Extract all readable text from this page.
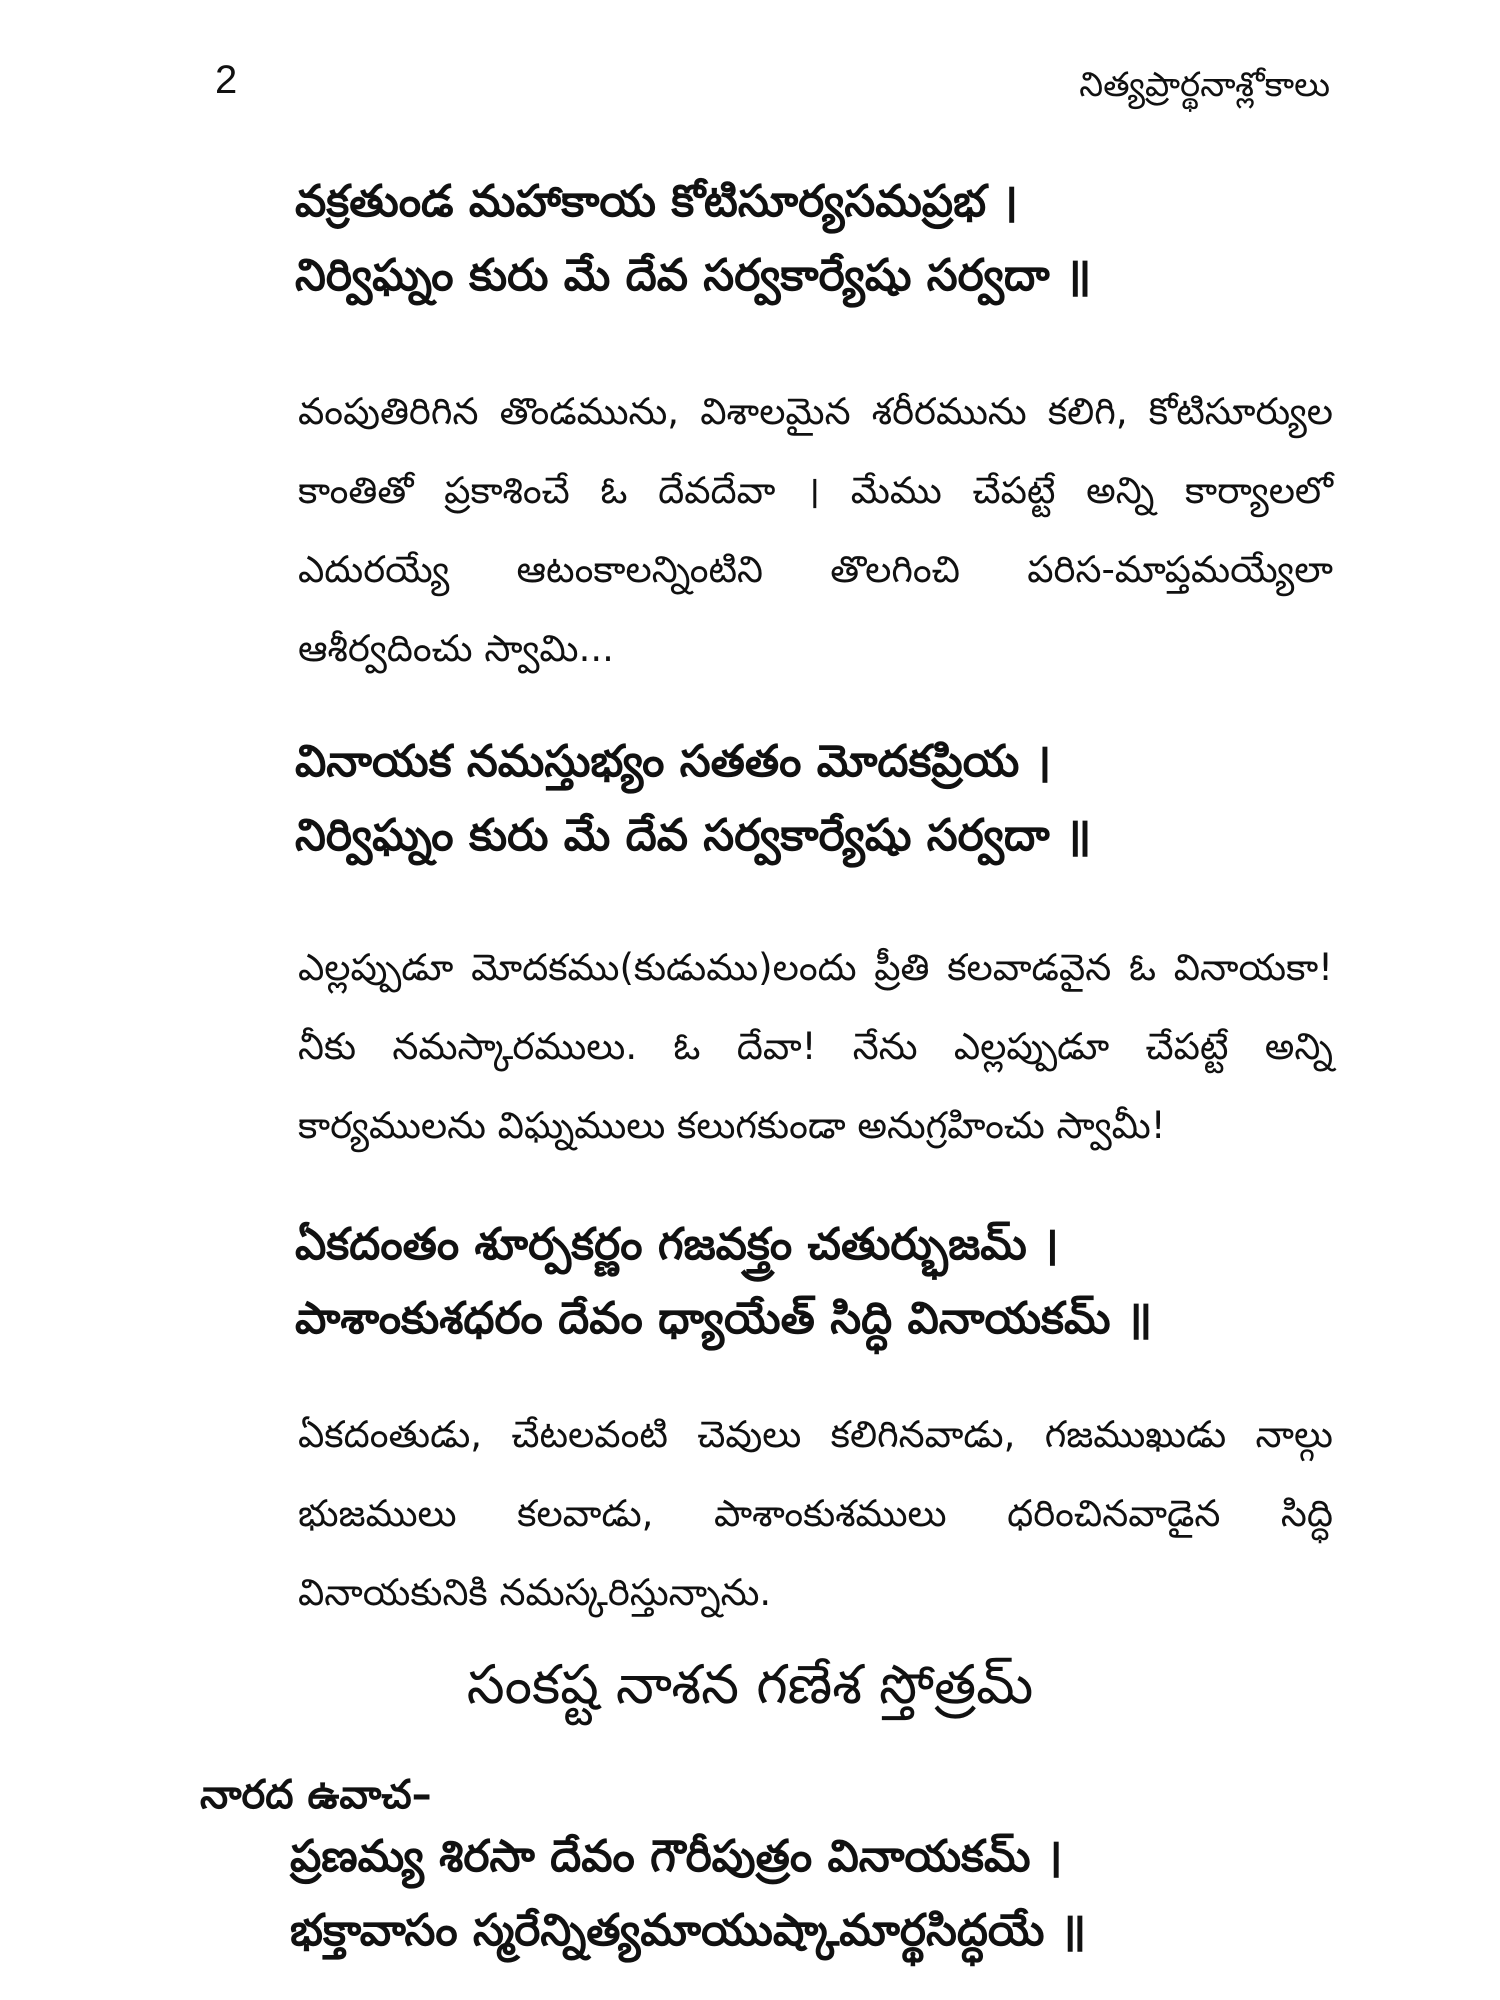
2	నిత్యప్రార్థనాశ్లోకాలు
వక్రతుండ మహాకాయ కోటిసూర్యసమప్రభ ।
నిర్విఘ్నం కురు మే దేవ సర్వకార్యేషు సర్వదా ॥
వంపుతిరిగిన తొండమును, విశాలమైన శరీరమును కలిగి, కోటిసూర్యుల కాంతితో ప్రకాశించే ఓ దేవదేవా । మేము చేపట్టే అన్ని కార్యాలలో ఎదురయ్యే ఆటంకాలన్నింటిని తొలగించి పరిస-మాప్తమయ్యేలా ఆశీర్వదించు స్వామి...
వినాయక నమస్తుభ్యం సతతం మోదకప్రియ ।
నిర్విఘ్నం కురు మే దేవ సర్వకార్యేషు సర్వదా ॥
ఎల్లప్పుడూ మోదకము(కుడుము)లందు ప్రీతి కలవాడవైన ఓ వినాయకా! నీకు నమస్కారములు. ఓ దేవా! నేను ఎల్లప్పుడూ చేపట్టే అన్ని కార్యములను విఘ్నములు కలుగకుండా అనుగ్రహించు స్వామీ!
ఏకదంతం శూర్పకర్ణం గజవక్త్రం చతుర్భుజమ్ ।
పాశాంకుశధరం దేవం ధ్యాయేత్ సిద్ధి వినాయకమ్ ॥
ఏకదంతుడు, చేటలవంటి చెవులు కలిగినవాడు, గజముఖుడు నాల్గు భుజములు కలవాడు, పాశాంకుశములు ధరించినవాడైన సిద్ధి వినాయకునికి నమస్కరిస్తున్నాను.
సంకష్ట నాశన గణేశ స్తోత్రమ్
నారద ఉవాచ–
ప్రణమ్య శిరసా దేవం గౌరీపుత్రం వినాయకమ్ ।
భక్తావాసం స్మరేన్నిత్యమాయుష్కామార్థసిద్ధయే ॥
